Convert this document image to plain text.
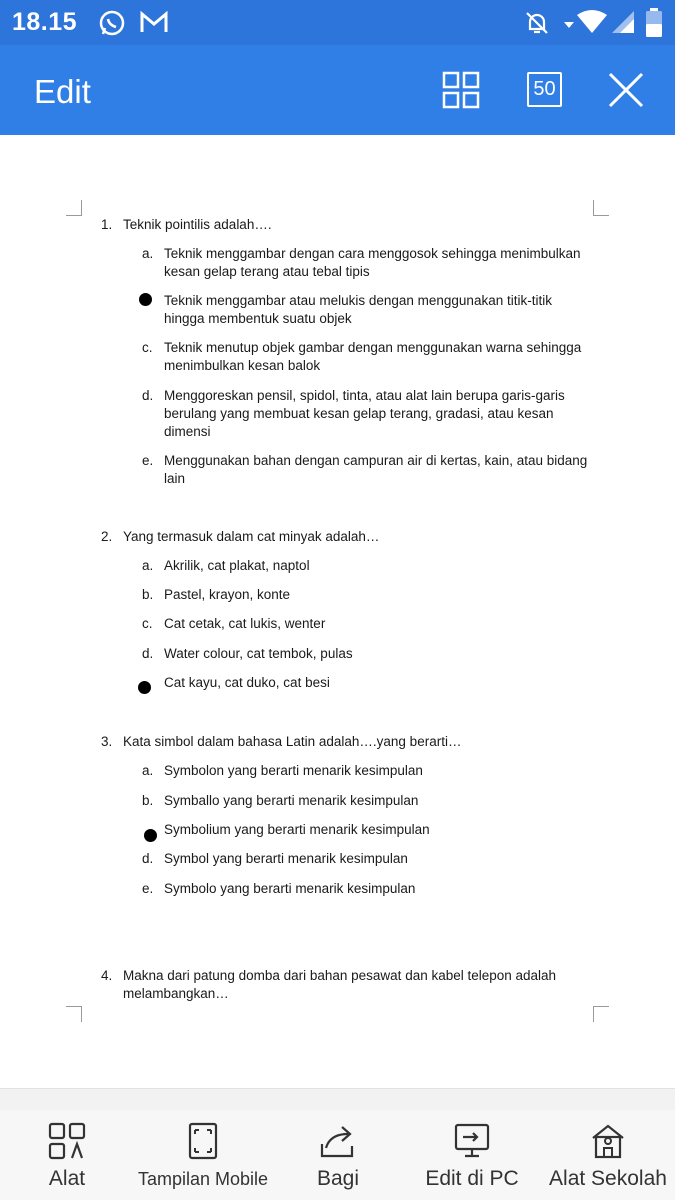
18.15
Edit	50
1. Teknik pointilis adalah….
a. Teknik menggambar dengan cara menggosok sehingga menimbulkan kesan gelap terang atau tebal tipis
Teknik menggambar atau melukis dengan menggunakan titik-titik hingga membentuk suatu objek
c. Teknik menutup objek gambar dengan menggunakan warna sehingga menimbulkan kesan balok
d. Menggoreskan pensil, spidol, tinta, atau alat lain berupa garis-garis berulang yang membuat kesan gelap terang, gradasi, atau kesan dimensi
e. Menggunakan bahan dengan campuran air di kertas, kain, atau bidang lain
2. Yang termasuk dalam cat minyak adalah…
a. Akrilik, cat plakat, naptol
b. Pastel, krayon, konte
c. Cat cetak, cat lukis, wenter
d. Water colour, cat tembok, pulas
Cat kayu, cat duko, cat besi
3. Kata simbol dalam bahasa Latin adalah….yang berarti…
a. Symbolon yang berarti menarik kesimpulan
b. Symballo yang berarti menarik kesimpulan
Symbolium yang berarti menarik kesimpulan
d. Symbol yang berarti menarik kesimpulan
e. Symbolo yang berarti menarik kesimpulan
4. Makna dari patung domba dari bahan pesawat dan kabel telepon adalah melambangkan…
Alat	Tampilan Mobile Bagi	Edit di PC Alat Sekolah
